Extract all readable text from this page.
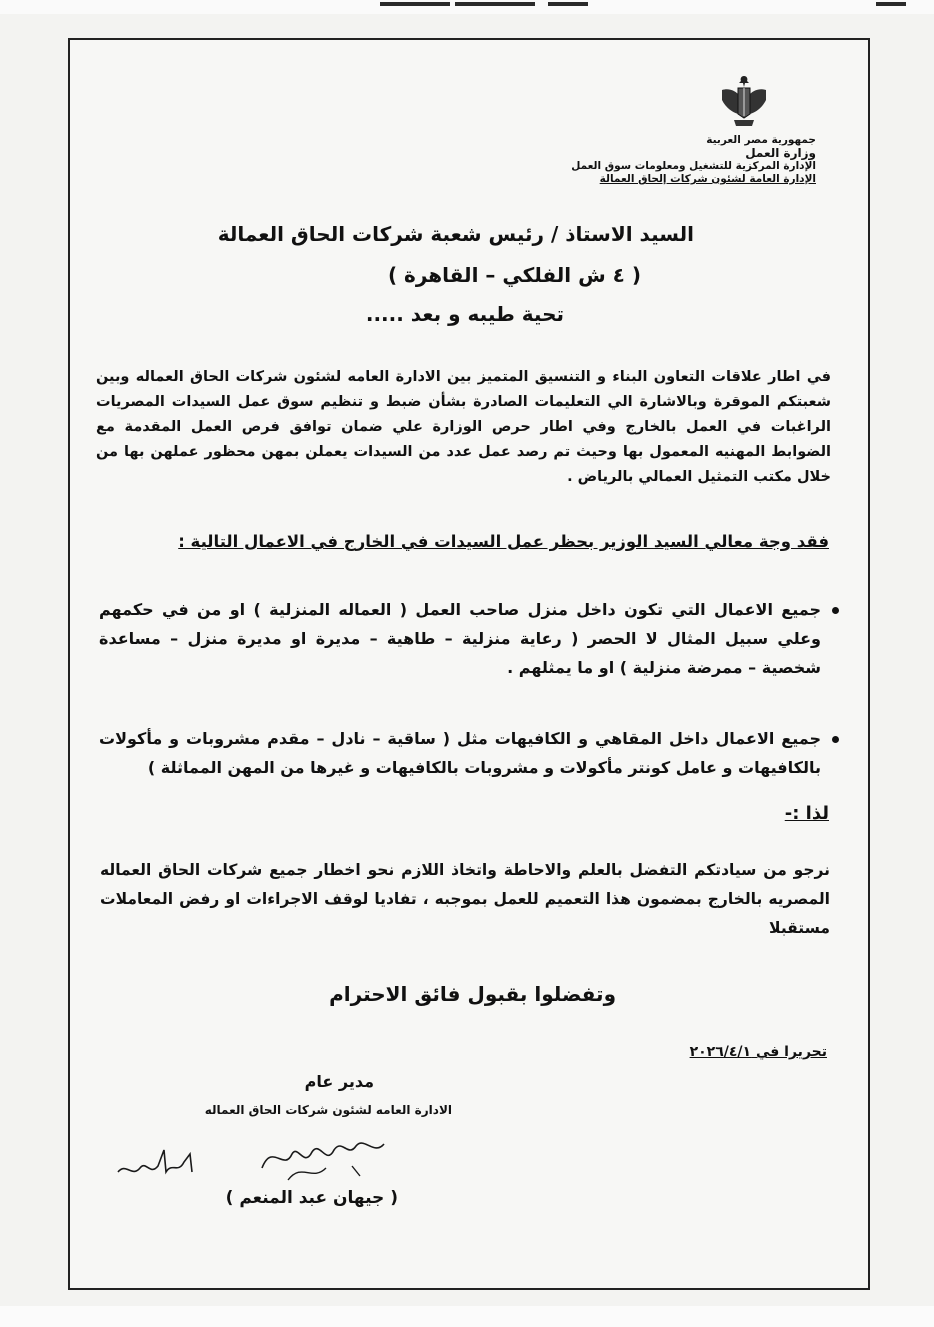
جمهورية مصر العربية
وزارة العمل
الإدارة المركزية للتشغيل ومعلومات سوق العمل
الإدارة العامة لشئون شركات إلحاق العمالة
السيد الاستاذ / رئيس شعبة شركات الحاق العمالة
( ٤ ش الفلكي – القاهرة )
تحية طيبه و بعد .....
في اطار علاقات التعاون البناء و التنسيق المتميز بين الادارة العامه لشئون شركات الحاق العماله وبين شعبتكم الموقرة وبالاشارة الي التعليمات الصادرة بشأن ضبط و تنظيم سوق عمل السيدات المصريات الراغبات في العمل بالخارج وفي اطار حرص الوزارة علي ضمان توافق فرص العمل المقدمة مع الضوابط المهنيه المعمول بها وحيث تم رصد عمل عدد من السيدات يعملن بمهن محظور عملهن بها من خلال مكتب التمثيل العمالي بالرياض .
فقد وجة معالي السيد الوزير بحظر عمل السيدات في الخارج في الاعمال التالية :
جميع الاعمال التي تكون داخل منزل صاحب العمل ( العماله المنزلية ) او من في حكمهم وعلي سبيل المثال لا الحصر ( رعاية منزلية – طاهية – مديرة او مديرة منزل – مساعدة شخصية – ممرضة منزلية ) او ما يمثلهم .
جميع الاعمال داخل المقاهي و الكافيهات مثل ( ساقية – نادل – مقدم مشروبات و مأكولات بالكافيهات و عامل كونتر مأكولات و مشروبات بالكافيهات و غيرها من المهن المماثلة )
لذا :-
نرجو من سيادتكم التفضل بالعلم والاحاطة واتخاذ اللازم نحو اخطار جميع شركات الحاق العماله المصريه بالخارج بمضمون هذا التعميم للعمل بموجبه ، تفاديا لوقف الاجراءات او رفض المعاملات مستقبلا
وتفضلوا بقبول فائق الاحترام
تحريرا في ٢٠٢٦/٤/١
مدير عام
الادارة العامه لشئون شركات الحاق العماله
( جيهان عبد المنعم )
